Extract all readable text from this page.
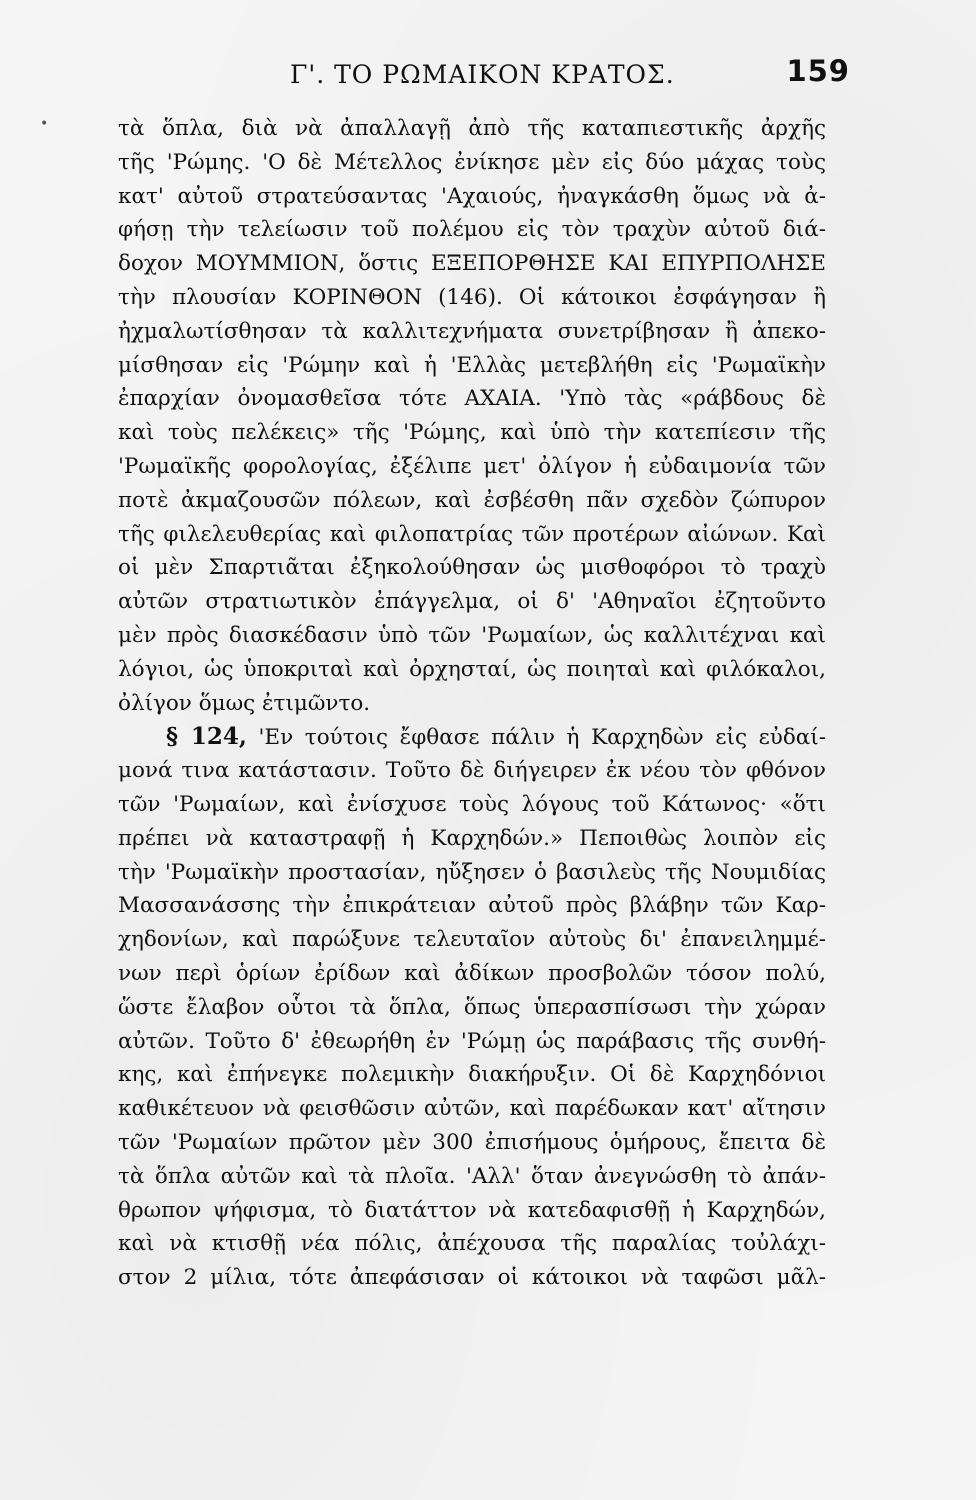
•
Γ'. ΤΟ ΡΩΜΑΙΚΟΝ ΚΡΑΤΟΣ.	159
τὰ ὅπλα, διὰ νὰ ἀπαλλαγῇ ἀπὸ τῆς καταπιεστικῆς ἀρχῆς
τῆς 'Ρώμης. 'Ο δὲ Μέτελλος ἐνίκησε μὲν εἰς δύο μάχας τοὺς
κατ' αὐτοῦ στρατεύσαντας 'Αχαιούς, ἠναγκάσθη ὅμως νὰ ἀ-
φήσῃ τὴν τελείωσιν τοῦ πολέμου εἰς τὸν τραχὺν αὐτοῦ διά-
δοχον ΜΟΥΜΜΙΟΝ, ὅστις ΕΞΕΠΟΡΘΗΣΕ ΚΑΙ ΕΠΥΡΠΟΛΗΣΕ
τὴν πλουσίαν ΚΟΡΙΝΘΟΝ (146). Οἱ κάτοικοι ἐσφάγησαν ἢ
ἠχμαλωτίσθησαν τὰ καλλιτεχνήματα συνετρίβησαν ἢ ἀπεκο-
μίσθησαν εἰς 'Ρώμην καὶ ἡ 'Ελλὰς μετεβλήθη εἰς 'Ρωμαϊκὴν
ἐπαρχίαν ὀνομασθεῖσα τότε ΑΧΑΙΑ. 'Υπὸ τὰς «ράβδους δὲ
καὶ τοὺς πελέκεις» τῆς 'Ρώμης, καὶ ὑπὸ τὴν κατεπίεσιν τῆς
'Ρωμαϊκῆς φορολογίας, ἐξέλιπε μετ' ὀλίγον ἡ εὐδαιμονία τῶν
ποτὲ ἀκμαζουσῶν πόλεων, καὶ ἐσβέσθη πᾶν σχεδὸν ζώπυρον
τῆς φιλελευθερίας καὶ φιλοπατρίας τῶν προτέρων αἰώνων. Καὶ
οἱ μὲν Σπαρτιᾶται ἐξηκολούθησαν ὡς μισθοφόροι τὸ τραχὺ
αὐτῶν στρατιωτικὸν ἐπάγγελμα, οἱ δ' 'Αθηναῖοι ἐζητοῦντο
μὲν πρὸς διασκέδασιν ὑπὸ τῶν 'Ρωμαίων, ὡς καλλιτέχναι καὶ
λόγιοι, ὡς ὑποκριταὶ καὶ ὀρχησταί, ὡς ποιηταὶ καὶ φιλόκαλοι,
ὀλίγον ὅμως ἐτιμῶντο.
§ 124, 'Εν τούτοις ἔφθασε πάλιν ἡ Καρχηδὼν εἰς εὐδαί-
μονά τινα κατάστασιν. Τοῦτο δὲ διήγειρεν ἐκ νέου τὸν φθόνον
τῶν 'Ρωμαίων, καὶ ἐνίσχυσε τοὺς λόγους τοῦ Κάτωνος· «ὅτι
πρέπει νὰ καταστραφῇ ἡ Καρχηδών.» Πεποιθὼς λοιπὸν εἰς
τὴν 'Ρωμαϊκὴν προστασίαν, ηὔξησεν ὁ βασιλεὺς τῆς Νουμιδίας
Μασσανάσσης τὴν ἐπικράτειαν αὐτοῦ πρὸς βλάβην τῶν Καρ-
χηδονίων, καὶ παρώξυνε τελευταῖον αὐτοὺς δι' ἐπανειλημμέ-
νων περὶ ὁρίων ἐρίδων καὶ ἀδίκων προσβολῶν τόσον πολύ,
ὥστε ἔλαβον οὗτοι τὰ ὅπλα, ὅπως ὑπερασπίσωσι τὴν χώραν
αὐτῶν. Τοῦτο δ' ἐθεωρήθη ἐν 'Ρώμῃ ὡς παράβασις τῆς συνθή-
κης, καὶ ἐπήνεγκε πολεμικὴν διακήρυξιν. Οἱ δὲ Καρχηδόνιοι
καθικέτευον νὰ φεισθῶσιν αὐτῶν, καὶ παρέδωκαν κατ' αἴτησιν
τῶν 'Ρωμαίων πρῶτον μὲν 300 ἐπισήμους ὁμήρους, ἔπειτα δὲ
τὰ ὅπλα αὐτῶν καὶ τὰ πλοῖα. 'Αλλ' ὅταν ἀνεγνώσθη τὸ ἀπάν-
θρωπον ψήφισμα, τὸ διατάττον νὰ κατεδαφισθῇ ἡ Καρχηδών,
καὶ νὰ κτισθῇ νέα πόλις, ἀπέχουσα τῆς παραλίας τοὐλάχι-
στον 2 μίλια, τότε ἀπεφάσισαν οἱ κάτοικοι νὰ ταφῶσι μᾶλ-
